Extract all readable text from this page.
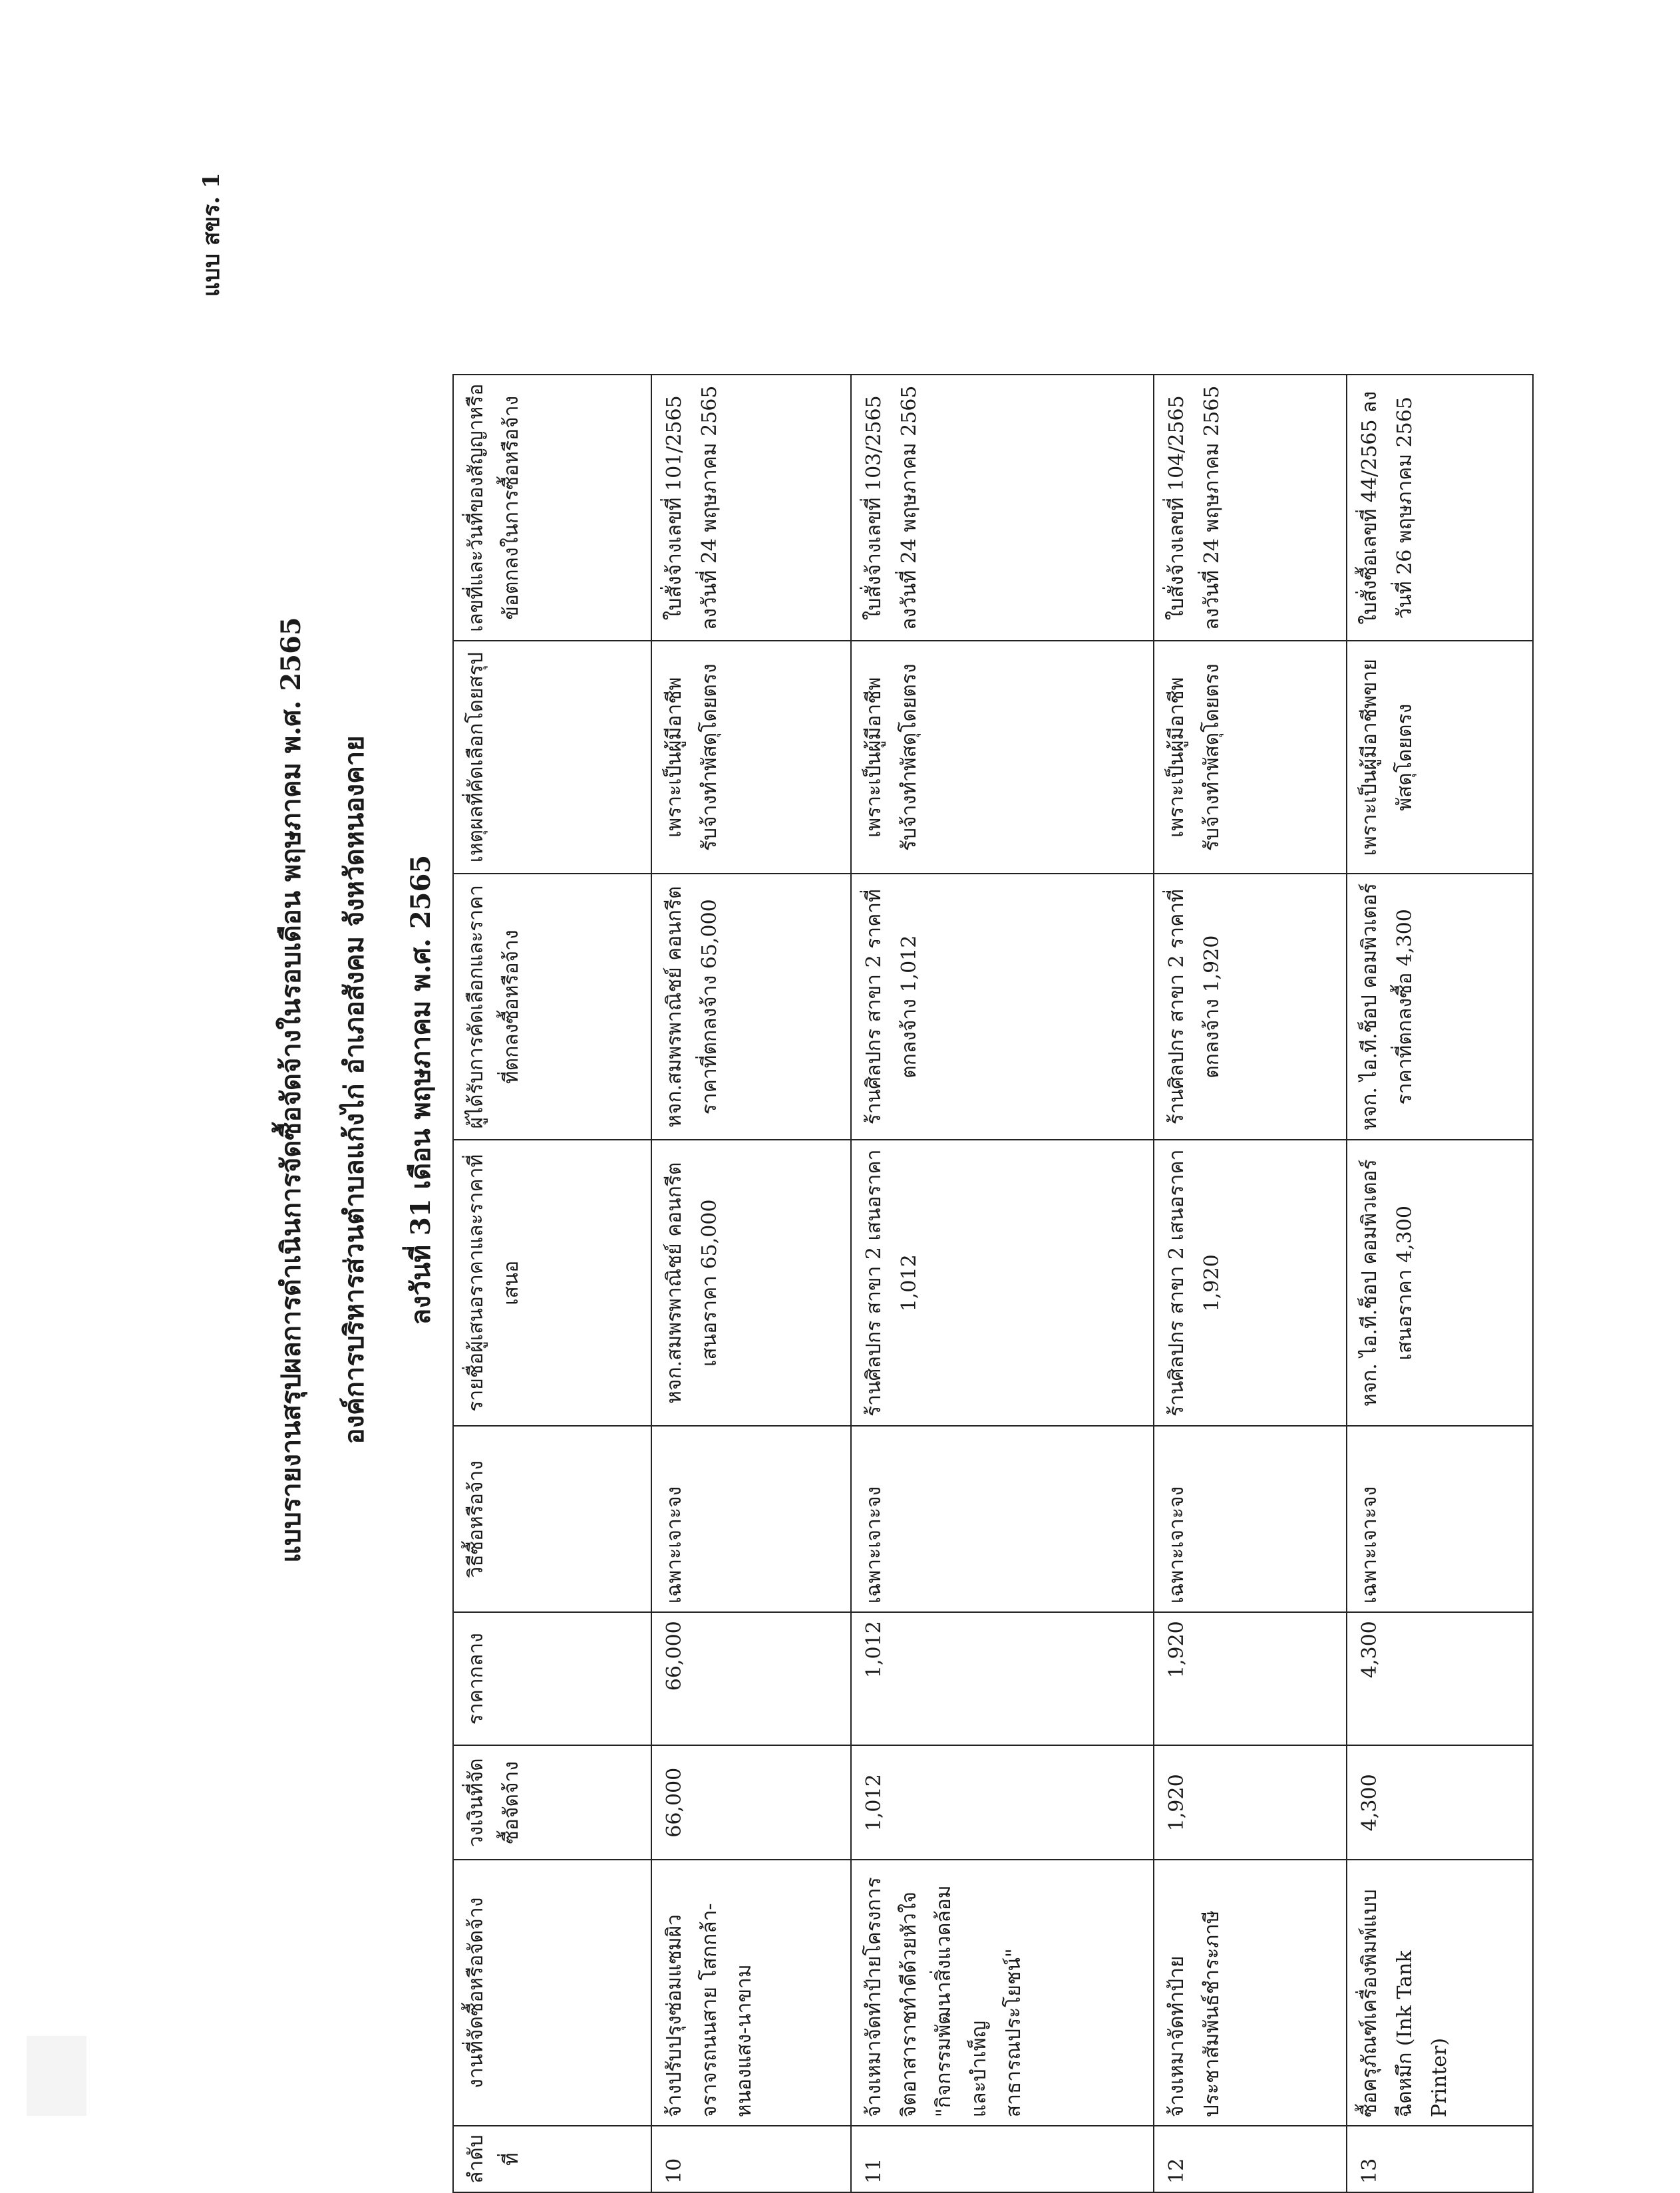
แบบ สขร. 1
แบบรายงานสรุปผลการดำเนินการจัดซื้อจัดจ้างในรอบเดือน พฤษภาคม พ.ศ. 2565 องค์การบริหารส่วนตำบลแก้งไก่ อำเภอสังคม จังหวัดหนองคาย ลงวันที่ 31 เดือน พฤษภาคม พ.ศ. 2565
ลำดับที่	งานที่จัดซื้อหรือจัดจ้าง	วงเงินที่จัดซื้อจัดจ้าง	ราคากลาง	วิธีซื้อหรือจ้าง	รายชื่อผู้เสนอราคาและราคาที่เสนอ	ผู้ได้รับการคัดเลือกและราคาที่ตกลงซื้อหรือจ้าง	เหตุผลที่คัดเลือกโดยสรุป	เลขที่และวันที่ของสัญญาหรือข้อตกลงในการซื้อหรือจ้าง
10	จ้างปรับปรุงซ่อมแซมผิวจราจรถนนสาย โสกกล้า-หนองแสง-นาขาม	66,000	66,000	เฉพาะเจาะจง	หจก.สมพรพาณิชย์ คอนกรีต เสนอราคา 65,000	หจก.สมพรพาณิชย์ คอนกรีต ราคาที่ตกลงจ้าง 65,000	เพราะเป็นผู้มีอาชีพ รับจ้างทำพัสดุโดยตรง	ใบสั่งจ้างเลขที่ 101/2565 ลงวันที่ 24 พฤษภาคม 2565
11	จ้างเหมาจัดทำป้ายโครงการจิตอาสาราชทำดีด้วยหัวใจ "กิจกรรมพัฒนาสิ่งแวดล้อมและบำเพ็ญสาธารณประโยชน์"	1,012	1,012	เฉพาะเจาะจง	ร้านศิลปกร สาขา 2 เสนอราคา 1,012	ร้านศิลปกร สาขา 2 ราคาที่ตกลงจ้าง 1,012	เพราะเป็นผู้มีอาชีพ รับจ้างทำพัสดุโดยตรง	ใบสั่งจ้างเลขที่ 103/2565 ลงวันที่ 24 พฤษภาคม 2565
12	จ้างเหมาจัดทำป้ายประชาสัมพันธ์ชำระภาษี	1,920	1,920	เฉพาะเจาะจง	ร้านศิลปกร สาขา 2 เสนอราคา 1,920	ร้านศิลปกร สาขา 2 ราคาที่ตกลงจ้าง 1,920	เพราะเป็นผู้มีอาชีพ รับจ้างทำพัสดุโดยตรง	ใบสั่งจ้างเลขที่ 104/2565 ลงวันที่ 24 พฤษภาคม 2565
13	ซื้อครุภัณฑ์เครื่องพิมพ์แบบฉีดหมึก (Ink Tank Printer)	4,300	4,300	เฉพาะเจาะจง	หจก. ไอ.ที.ช็อป คอมพิวเตอร์ เสนอราคา 4,300	หจก. ไอ.ที.ช็อป คอมพิวเตอร์ ราคาที่ตกลงซื้อ 4,300	เพราะเป็นผู้มีอาชีพขายพัสดุโดยตรง	ใบสั่งซื้อเลขที่ 44/2565 ลงวันที่ 26 พฤษภาคม 2565
